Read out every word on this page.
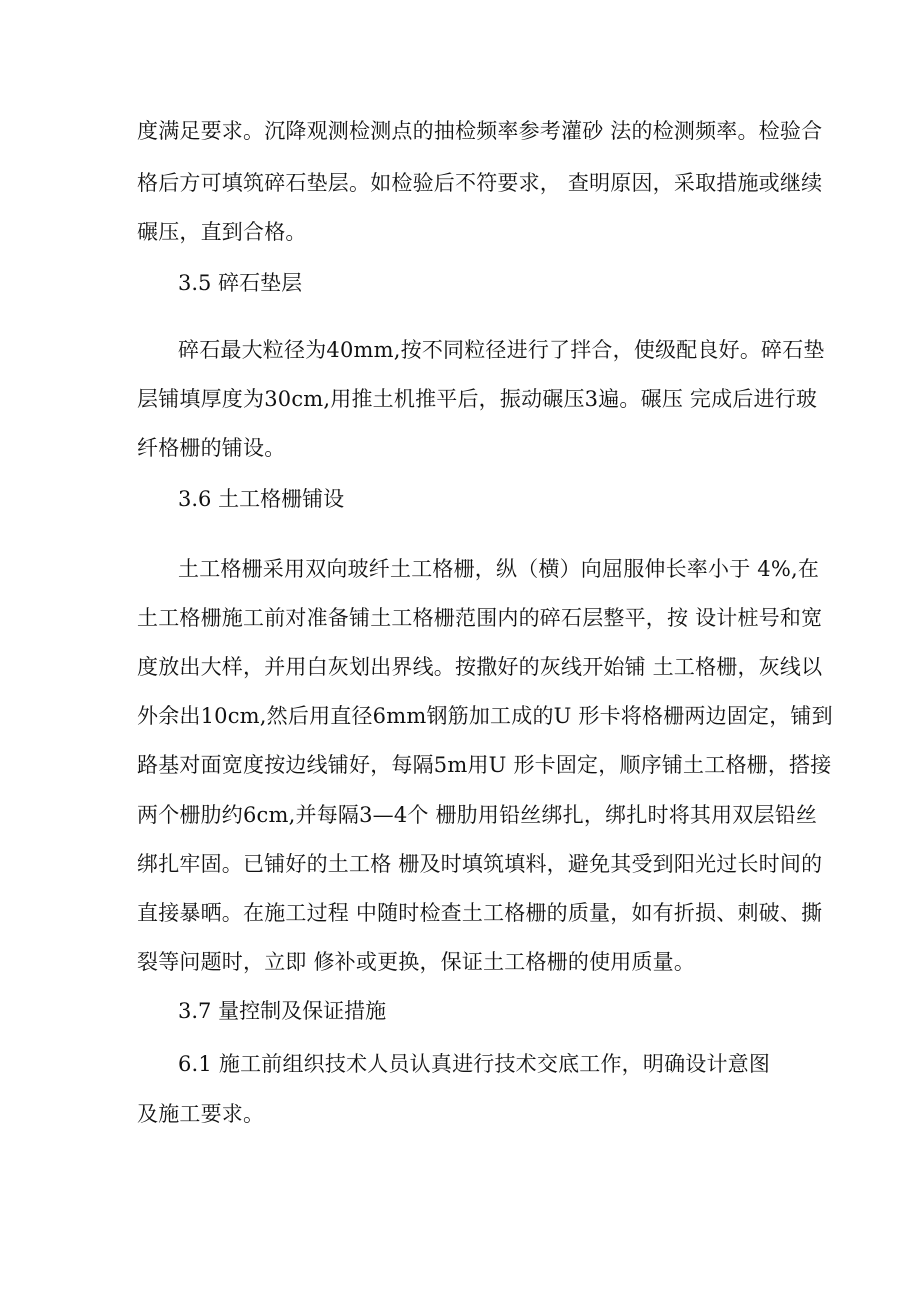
度满足要求。沉降观测检测点的抽检频率参考灌砂 法的检测频率。检验合
格后方可填筑碎石垫层。如检验后不符要求， 查明原因，采取措施或继续
碾压，直到合格。
3.5 碎石垫层
碎石最大粒径为40mm,按不同粒径进行了拌合，使级配良好。碎石垫
层铺填厚度为30cm,用推土机推平后，振动碾压3遍。碾压 完成后进行玻
纤格栅的铺设。
3.6 土工格栅铺设
土工格栅采用双向玻纤土工格栅，纵（横）向屈服伸长率小于 4%,在
土工格栅施工前对准备铺土工格栅范围内的碎石层整平，按 设计桩号和宽
度放出大样，并用白灰划出界线。按撒好的灰线开始铺 土工格栅，灰线以
外余出10cm,然后用直径6mm钢筋加工成的U 形卡将格栅两边固定，铺到
路基对面宽度按边线铺好，每隔5m用U 形卡固定，顺序铺土工格栅，搭接
两个栅肋约6cm,并每隔3—4个 栅肋用铅丝绑扎，绑扎时将其用双层铅丝
绑扎牢固。已铺好的土工格 栅及时填筑填料，避免其受到阳光过长时间的
直接暴晒。在施工过程 中随时检查土工格栅的质量，如有折损、刺破、撕
裂等问题时，立即 修补或更换，保证土工格栅的使用质量。
3.7 量控制及保证措施
6.1 施工前组织技术人员认真进行技术交底工作，明确设计意图
及施工要求。
